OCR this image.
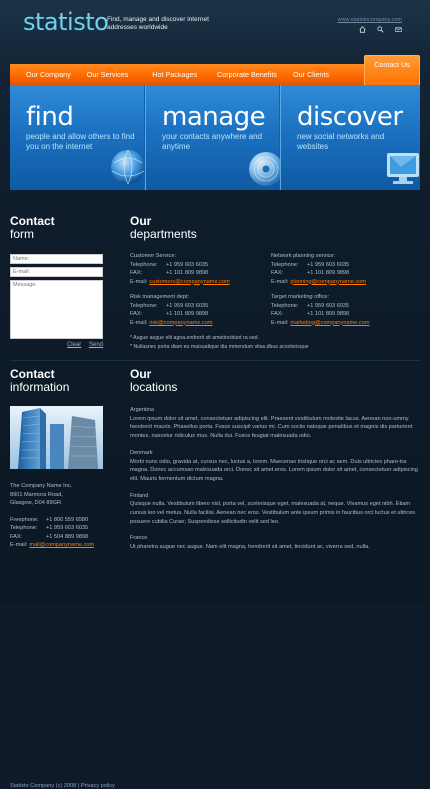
statisto
Find, manage and discover internet addresses worldwide
www.statistocompany.com
Our Company	Our Services	Hot Packages	Corporate Benefits	Our Clients
Contact Us
find
people and allow others to find you on the internet
manage
your contacts anywhere and anytime
discover
new social networks and websites
Contact
form
Our
departments
Name:
E-mail:
Message:
Clear Send
Customer Service:
Telephone:	+1 959 603 6035
FAX:	+1 101 809 9898
E-mail: customers@companyname.com
Network planning service:
Telephone:	+1 959 603 6035
FAX:	+1 101 809 9898
E-mail: planning@companyname.com
Risk management dept:
Telephone:	+1 959 603 6035
FAX:	+1 101 809 9898
E-mail: risk@companyname.com
Target marketing office:
Telephone:	+1 959 603 6035
FAX:	+1 101 809 9898
E-mail: marketing@companyname.com
* Augue augue elit agna.endrerit sit ametincidunt ra sed.
* Nullasnec porta diam eu maisuatique dia mmendum vitas.dbus accelerisque
Contact
information
Our
locations
The Company Name Inc.
8901 Marmora Road,
Glasgow, D04 89GR.
Freephone:	+1 800 559 6580
Telephone:	+1 959 603 6035
FAX:	+1 504 889 9898
E-mail: mail@companyname.com
Argentina
Lorem ipsum dolor sit amet, consectetuer adipiscing elit. Praesent vestibulum molestie lacus. Aenean non-ummy hendrerit mauris. Phasellus porta. Fusce suscipit varius mi. Cum sociis natoque penatibus et magnis dis parturient montes, nascetur ridiculus mus. Nulla dui. Fusce feugiat malesuada odio.
Denmark
Morbi nunc odio, gravida at, cursus nec, luctus a, lorem. Maecenas tristique orci ac sem. Duis ultricies phare-tra magna. Donec accumsan malesuada orci. Donec sit amet eros. Lorem ipsum dolor sit amet, consectetuer adipiscing elit. Mauris fermentum dictum magna.
Finland
Quisque nulla. Vestibulum libero nisl, porta vel, scelerisque eget, malesuada at, neque. Vivamus eget nibh. Etiam cursus leo vel metus. Nulla facilisi. Aenean nec eros. Vestibulum ante ipsum primis in faucibus orci luctus et ultrices posuere cubilia Curae; Suspendisse sollicitudin velit sed leo.
France
Ut pharetra augue nec augue. Nam elit magna, hendrerit sit amet, tincidunt ac, viverra sed, nulla.
Statisto Company (c) 2008 | Privacy policy
